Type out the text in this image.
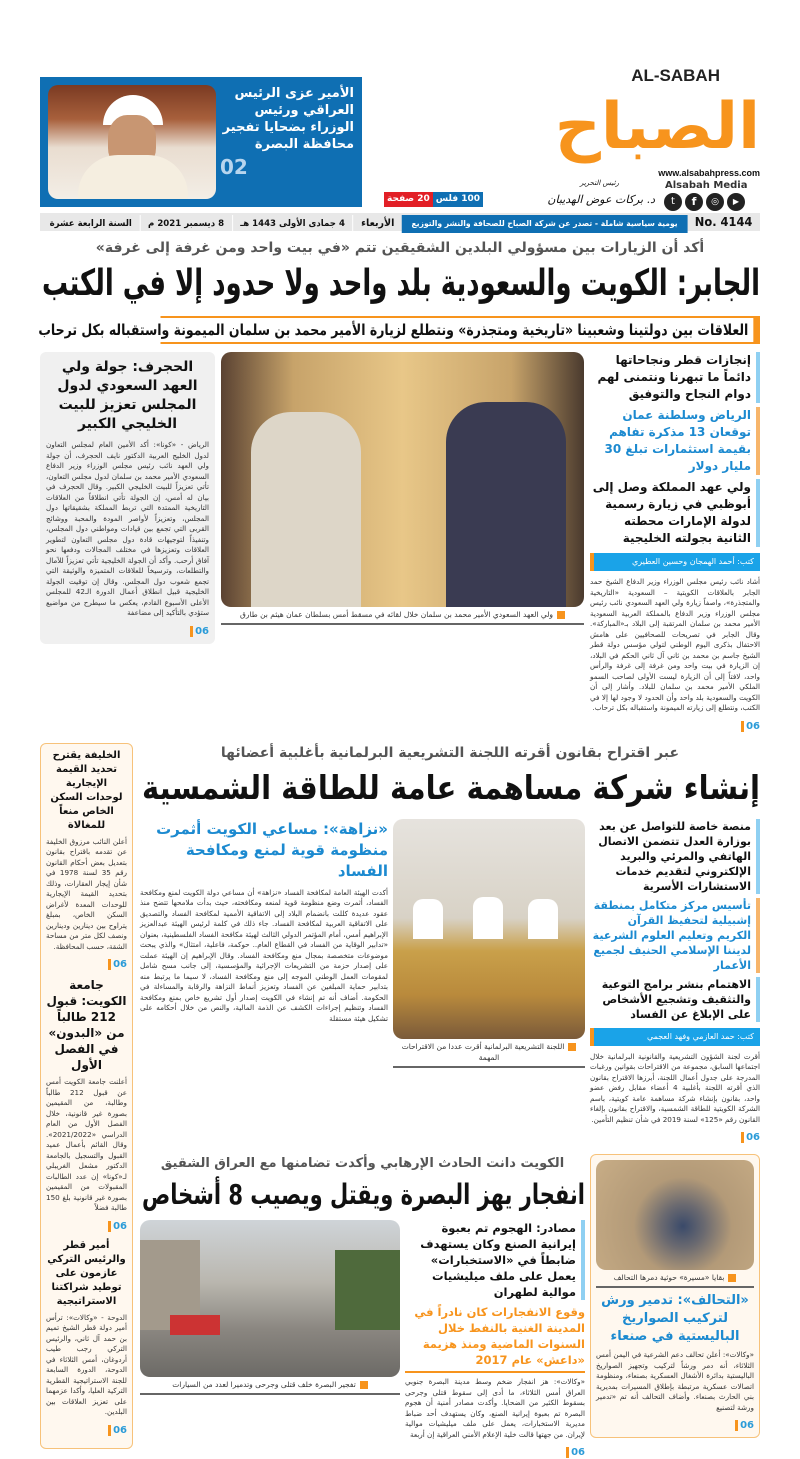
الأمير عزى الرئيس العراقي ورئيس الوزراء بضحايا تفجير محافظة البصرة
02
AL-SABAH
الصباح
www.alsabahpress.com
Alsabah Media
t	f	◎	▶
رئيس التحرير
د. بركات عوض الهديبان
100 فلس
20 صفحة
No. 4144يومية سياسية شاملة - تصدر عن شركة الصباح للصحافة والنشر والتوزيعالأربعاء4 جمادى الأولى 1443 هـ8 ديسمبر 2021 مالسنة الرابعة عشرة
أكد أن الزيارات بين مسؤولي البلدين الشقيقين تتم «في بيت واحد ومن غرفة إلى غرفة»
الجابر: الكويت والسعودية بلد واحد ولا حدود إلا في الكتب
العلاقات بين دولتينا وشعبينا «تاريخية ومتجذرة» ونتطلع لزيارة الأمير محمد بن سلمان الميمونة واستقباله بكل ترحاب
إنجازات قطر ونجاحاتها دائماً ما تبهرنا ونتمنى لهم دوام النجاح والتوفيق
الرياض وسلطنة عمان توقعان 13 مذكرة تفاهم بقيمة استثمارات تبلغ 30 مليار دولار
ولي عهد المملكة وصل إلى أبوظبي في زيارة رسمية لدولة الإمارات محطته الثانية بجولته الخليجية
كتب: أحمد الهمجان وحسين العطيري
أشاد نائب رئيس مجلس الوزراء وزير الدفاع الشيخ حمد الجابر بالعلاقات الكويتية – السعودية «التاريخية والمتجذرة»، واصفاً زيارة ولي العهد السعودي نائب رئيس مجلس الوزراء وزير الدفاع بالمملكة العربية السعودية الأمير محمد بن سلمان المرتقبة إلى البلاد بـ«المباركة». وقال الجابر في تصريحات للصحافيين على هامش الاحتفال بذكرى اليوم الوطني لتولي مؤسس دولة قطر الشيخ جاسم بن محمد بن ثاني آل ثاني الحكم في البلاد، إن الزيارة في بيت واحد ومن غرفة إلى غرفة والرأس واحد، لافتاً إلى أن الزيارة ليست الأولى لصاحب السمو الملكي الأمير محمد بن سلمان للبلاد. وأشار إلى أن الكويت والسعودية بلد واحد وأن الحدود لا وجود لها إلا في الكتب، ونتطلع إلى زيارته الميمونة واستقباله بكل ترحاب.
06
ولي العهد السعودي الأمير محمد بن سلمان خلال لقائه في مسقط أمس بسلطان عمان هيثم بن طارق
الحجرف: جولة ولي العهد السعودي لدول المجلس تعزيز للبيت الخليجي الكبير
الرياض - «كونا»: أكد الأمين العام لمجلس التعاون لدول الخليج العربية الدكتور نايف الحجرف، أن جولة ولي العهد نائب رئيس مجلس الوزراء وزير الدفاع السعودي الأمير محمد بن سلمان لدول مجلس التعاون، تأتي تعزيزاً للبيت الخليجي الكبير. وقال الحجرف في بيان له أمس، إن الجولة تأتي انطلاقاً من العلاقات التاريخية الممتدة التي تربط المملكة بشقيقاتها دول المجلس، وتعزيزاً لأواصر المودة والمحبة ووشائج القربى التي تجمع بين قيادات ومواطني دول المجلس، وتنفيذاً لتوجيهات قادة دول مجلس التعاون لتطوير العلاقات وتعزيزها في مختلف المجالات ودفعها نحو آفاق أرحب. وأكد أن الجولة الخليجية تأتي تعزيزاً للآمال والتطلعات، وترسيخاً للعلاقات المتميزة والوثيقة التي تجمع شعوب دول المجلس. وقال إن توقيت الجولة الخليجية قبيل انطلاق أعمال الدورة الـ42 للمجلس الأعلى الأسبوع القادم، يعكس ما سيطرح من مواضيع ستؤدي بالتأكيد إلى مضاعفة
06
عبر اقتراح بقانون أقرته اللجنة التشريعية البرلمانية بأغلبية أعضائها
إنشاء شركة مساهمة عامة للطاقة الشمسية
منصة خاصة للتواصل عن بعد بوزارة العدل تتضمن الاتصال الهاتفي والمرئي والبريد الإلكتروني لتقديم خدمات الاستشارات الأسرية
تأسيس مركز متكامل بمنطقة إشبيلية لتحفيظ القرآن الكريم وتعليم العلوم الشرعية لديننا الإسلامي الحنيف لجميع الأعمار
الاهتمام بنشر برامج التوعية والتثقيف وتشجيع الأشخاص على الإبلاغ عن الفساد
كتب: حمد العازمي وفهد العجمي
أقرت لجنة الشؤون التشريعية والقانونية البرلمانية خلال اجتماعها السابق، مجموعة من الاقتراحات بقوانين ورغبات المدرجة على جدول أعمال اللجنة، أبرزها الاقتراح بقانون الذي أقرته اللجنة بأغلبية 4 أعضاء مقابل رفض عضو واحد، بقانون بإنشاء شركة مساهمة عامة كويتية، باسم الشركة الكويتية للطاقة الشمسية، والاقتراح بقانون بإلغاء القانون رقم «125» لسنة 2019 في شأن تنظيم التأمين.
06
اللجنة التشريعية البرلمانية أقرت عددا من الاقتراحات المهمة
«نزاهة»: مساعي الكويت أثمرت منظومة قوية لمنع ومكافحة الفساد
أكدت الهيئة العامة لمكافحة الفساد «نزاهة» أن مساعي دولة الكويت لمنع ومكافحة الفساد، أثمرت وضع منظومة قوية لمنعه ومكافحته، حيث بدأت ملامحها تتضح منذ عقود عديدة كللت بانضمام البلاد إلى الاتفاقية الأممية لمكافحة الفساد والتصديق على الاتفاقية العربية لمكافحة الفساد. جاء ذلك في كلمة لرئيس الهيئة عبدالعزيز الإبراهيم أمس، أمام المؤتمر الدولي الثالث لهيئة مكافحة الفساد الفلسطينية، بعنوان «تدابير الوقاية من الفساد في القطاع العام.. حوكمة، فاعلية، امتثال» والذي يبحث موضوعات متخصصة بمجال منع ومكافحة الفساد. وقال الإبراهيم إن الهيئة عملت على إصدار حزمة من التشريعات الإجرائية والمؤسسية، إلى جانب مسح شامل لمقومات العمل الوطني الموجه إلى منع ومكافحة الفساد، لا سيما ما يرتبط منه بتدابير حماية المبلغين عن الفساد وتعزيز أنماط النزاهة والرقابة والمساءلة في الحكومة. أضاف أنه تم إنشاء في الكويت إصدار أول تشريع خاص بمنع ومكافحة الفساد وتنظيم إجراءات الكشف عن الذمة المالية، والنص من خلال أحكامه على تشكيل هيئة مستقلة
بقايا «مسيرة» حوثية دمرها التحالف
«التحالف»: تدمير ورش لتركيب الصواريخ الباليستية في صنعاء
«وكالات»: أعلن تحالف دعم الشرعية في اليمن أمس الثلاثاء، أنه دمر ورشاً لتركيب وتجهيز الصواريخ الباليستية بدائرة الأشغال العسكرية بصنعاء، ومنظومة اتصالات عسكرية مرتبطة بإطلاق المسيرات بمديرية بني الحارث بصنعاء. وأضاف التحالف أنه تم «تدمير ورشة لتصنيع
06
الكويت دانت الحادث الإرهابي وأكدت تضامنها مع العراق الشقيق
انفجار يهز البصرة ويقتل ويصيب 8 أشخاص
مصادر: الهجوم تم بعبوة إيرانية الصنع وكان يستهدف ضابطاً في «الاستخبارات» يعمل على ملف ميليشيات موالية لطهران
وقوع الانفجارات كان نادراً في المدينة الغنية بالنفط خلال السنوات الماضية ومنذ هزيمة «داعش» عام 2017
«وكالات»: هز انفجار ضخم وسط مدينة البصرة جنوبي العراق أمس الثلاثاء، ما أدى إلى سقوط قتلى وجرحى بسقوط الكثير من الضحايا. وأكدت مصادر أمنية أن هجوم البصرة تم بعبوة إيرانية الصنع، وكان يستهدف أحد ضباط مديرية الاستخبارات، يعمل على ملف ميليشيات موالية لإيران. من جهتها قالت خلية الإعلام الأمني العراقية إن أربعة
06
تفجير البصرة خلف قتلى وجرحى وتدميرا لعدد من السيارات
الخليفة يقترح تحديد القيمة الإيجارية لوحدات السكن الخاص منعاً للمغالاة
أعلن النائب مرزوق الخليفة عن تقدمه باقتراح بقانون بتعديل بعض أحكام القانون رقم 35 لسنة 1978 في شأن إيجار العقارات، وذلك بتحديد القيمة الإيجارية للوحدات المعدة لأغراض السكن الخاص، بمبلغ يتراوح بين دينارين ودينارين ونصف لكل متر من مساحة الشقة، حسب المحافظة.
06
جامعة الكويت: قبول 212 طالباً من «البدون» في الفصل الأول
أعلنت جامعة الكويت أمس عن قبول 212 طالباً وطالبة، من المقيمين بصورة غير قانونية، خلال الفصل الأول من العام الدراسي «2021/2022». وقال القائم بأعمال عميد القبول والتسجيل بالجامعة الدكتور مشعل الغريبلي لـ«كونا» إن عدد الطالبات المقبولات من المقيمين بصورة غير قانونية بلغ 150 طالبة فضلاً
06
أمير قطر والرئيس التركي عازمون على توطيد شراكتنا الاستراتيجية
الدوحة - «وكالات»: ترأس أمير دولة قطر الشيخ تميم بن حمد آل ثاني، والرئيس التركي رجب طيب أردوغان، أمس الثلاثاء في الدوحة، الدورة السابعة للجنة الاستراتيجية القطرية التركية العليا، وأكدا عزمهما على تعزيز العلاقات بين البلدين.
06
